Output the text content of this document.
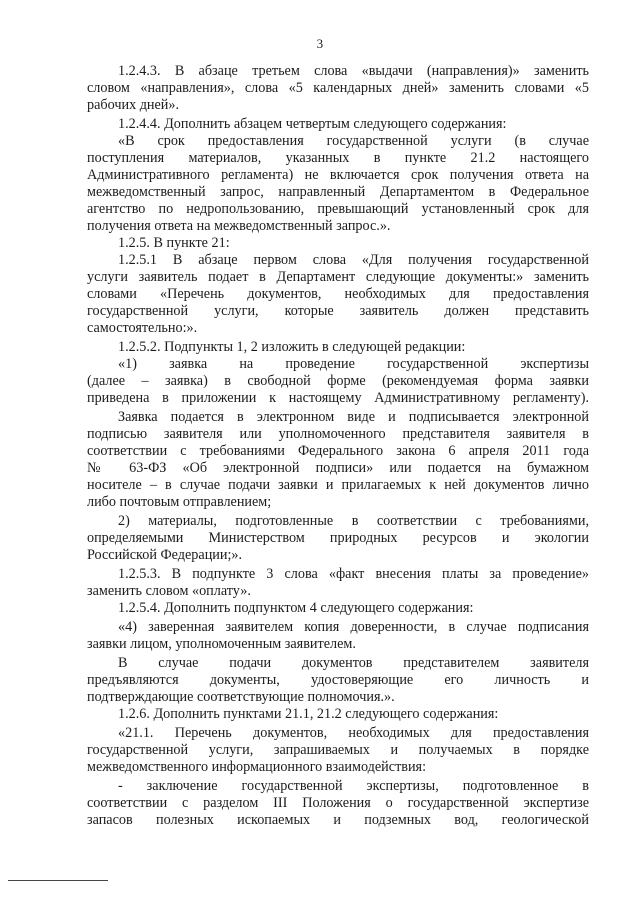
3
1.2.4.3. В абзаце третьем слова «выдачи (направления)» заменить
словом «направления», слова «5 календарных дней» заменить словами «5
рабочих дней».
1.2.4.4. Дополнить абзацем четвертым следующего содержания:
«В срок предоставления государственной услуги (в случае
поступления материалов, указанных в пункте 21.2 настоящего
Административного регламента) не включается срок получения ответа на
межведомственный запрос, направленный Департаментом в Федеральное
агентство по недропользованию, превышающий установленный срок для
получения ответа на межведомственный запрос.».
1.2.5. В пункте 21:
1.2.5.1 В абзаце первом слова «Для получения государственной
услуги заявитель подает в Департамент следующие документы:» заменить
словами «Перечень документов, необходимых для предоставления
государственной услуги, которые заявитель должен представить
самостоятельно:».
1.2.5.2. Подпункты 1, 2 изложить в следующей редакции:
«1) заявка на проведение государственной экспертизы
(далее – заявка) в свободной форме (рекомендуемая форма заявки
приведена в приложении к настоящему Административному регламенту).
Заявка подается в электронном виде и подписывается электронной
подписью заявителя или уполномоченного представителя заявителя в
соответствии с требованиями Федерального закона 6 апреля 2011 года
№ 63-ФЗ «Об электронной подписи» или подается на бумажном
носителе – в случае подачи заявки и прилагаемых к ней документов лично
либо почтовым отправлением;
2) материалы, подготовленные в соответствии с требованиями,
определяемыми Министерством природных ресурсов и экологии
Российской Федерации;».
1.2.5.3. В подпункте 3 слова «факт внесения платы за проведение»
заменить словом «оплату».
1.2.5.4. Дополнить подпунктом 4 следующего содержания:
«4) заверенная заявителем копия доверенности, в случае подписания
заявки лицом, уполномоченным заявителем.
В случае подачи документов представителем заявителя
предъявляются документы, удостоверяющие его личность и
подтверждающие соответствующие полномочия.».
1.2.6. Дополнить пунктами 21.1, 21.2 следующего содержания:
«21.1. Перечень документов, необходимых для предоставления
государственной услуги, запрашиваемых и получаемых в порядке
межведомственного информационного взаимодействия:
- заключение государственной экспертизы, подготовленное в
соответствии с разделом III Положения о государственной экспертизе
запасов полезных ископаемых и подземных вод, геологической
